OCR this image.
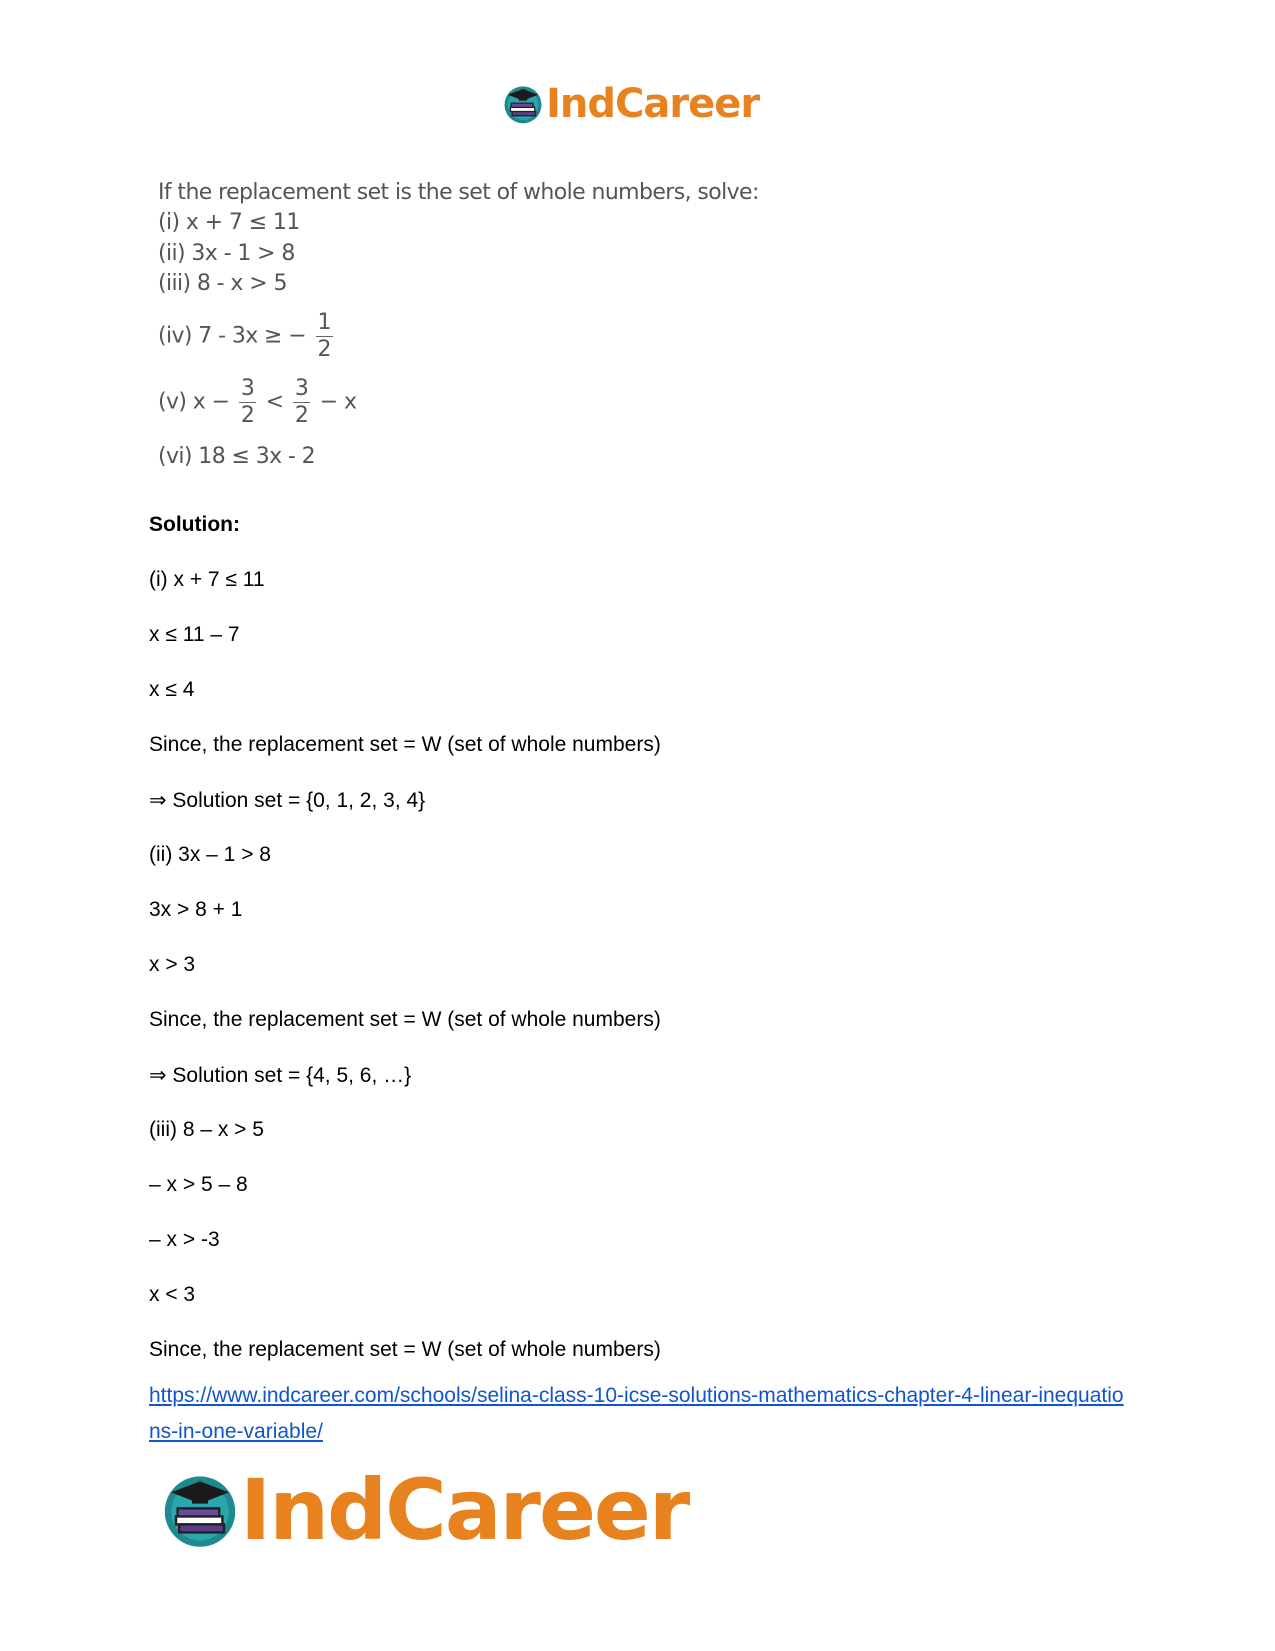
IndCareer
If the replacement set is the set of whole numbers, solve:
(i) x + 7 ≤ 11
(ii) 3x - 1 > 8
(iii) 8 - x > 5
(iv) 7 - 3x ≥ − $\frac{1}{2}$
(v) $x - \frac{3}{2} < \frac{3}{2} - x$
(vi) 18 ≤ 3x - 2
Solution:
(i) x + 7 ≤ 11
x ≤ 11 – 7
x ≤ 4
Since, the replacement set = W (set of whole numbers)
⇒ Solution set = {0, 1, 2, 3, 4}
(ii) 3x – 1 > 8
3x > 8 + 1
x > 3
Since, the replacement set = W (set of whole numbers)
⇒ Solution set = {4, 5, 6, …}
(iii) 8 – x > 5
– x > 5 – 8
– x > -3
x < 3
Since, the replacement set = W (set of whole numbers)
https://www.indcareer.com/schools/selina-class-10-icse-solutions-mathematics-chapter-4-linear-inequations-in-one-variable/
IndCareer
